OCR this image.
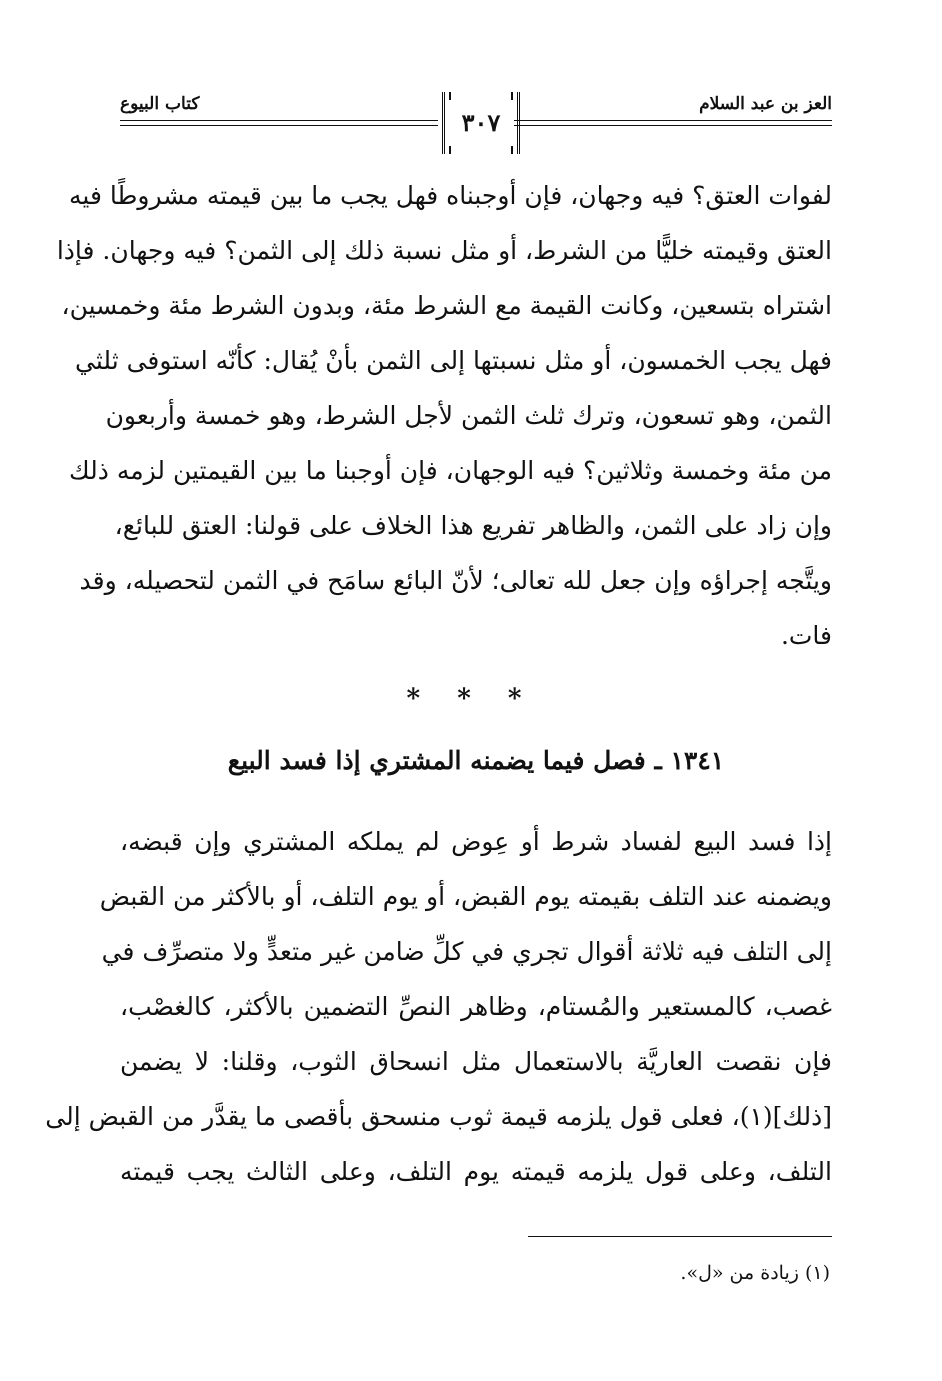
العز بن عبد السلام
كتاب البيوع
٣٠٧
لفوات العتق؟ فيه وجهان، فإن أوجبناه فهل يجب ما بين قيمته مشروطًا فيه
العتق وقيمته خليًّا من الشرط، أو مثل نسبة ذلك إلى الثمن؟ فيه وجهان. فإذا
اشتراه بتسعين، وكانت القيمة مع الشرط مئة، وبدون الشرط مئة وخمسين،
فهل يجب الخمسون، أو مثل نسبتها إلى الثمن بأنْ يُقال: كأنّه استوفى ثلثي
الثمن، وهو تسعون، وترك ثلث الثمن لأجل الشرط، وهو خمسة وأربعون
من مئة وخمسة وثلاثين؟ فيه الوجهان، فإن أوجبنا ما بين القيمتين لزمه ذلك
وإن زاد على الثمن، والظاهر تفريع هذا الخلاف على قولنا: العتق للبائع،
ويتَّجه إجراؤه وإن جعل لله تعالى؛ لأنّ البائع سامَح في الثمن لتحصيله، وقد
فات.
* * *
١٣٤١ ـ فصل فيما يضمنه المشتري إذا فسد البيع
إذا فسد البيع لفساد شرط أو عِوض لم يملكه المشتري وإن قبضه،
ويضمنه عند التلف بقيمته يوم القبض، أو يوم التلف، أو بالأكثر من القبض
إلى التلف فيه ثلاثة أقوال تجري في كلِّ ضامن غير متعدٍّ ولا متصرِّف في
غصب، كالمستعير والمُستام، وظاهر النصِّ التضمين بالأكثر، كالغصْب،
فإن نقصت العاريَّة بالاستعمال مثل انسحاق الثوب، وقلنا: لا يضمن
[ذلك](١)، فعلى قول يلزمه قيمة ثوب منسحق بأقصى ما يقدَّر من القبض إلى
التلف، وعلى قول يلزمه قيمته يوم التلف، وعلى الثالث يجب قيمته
(١) زيادة من «ل».
